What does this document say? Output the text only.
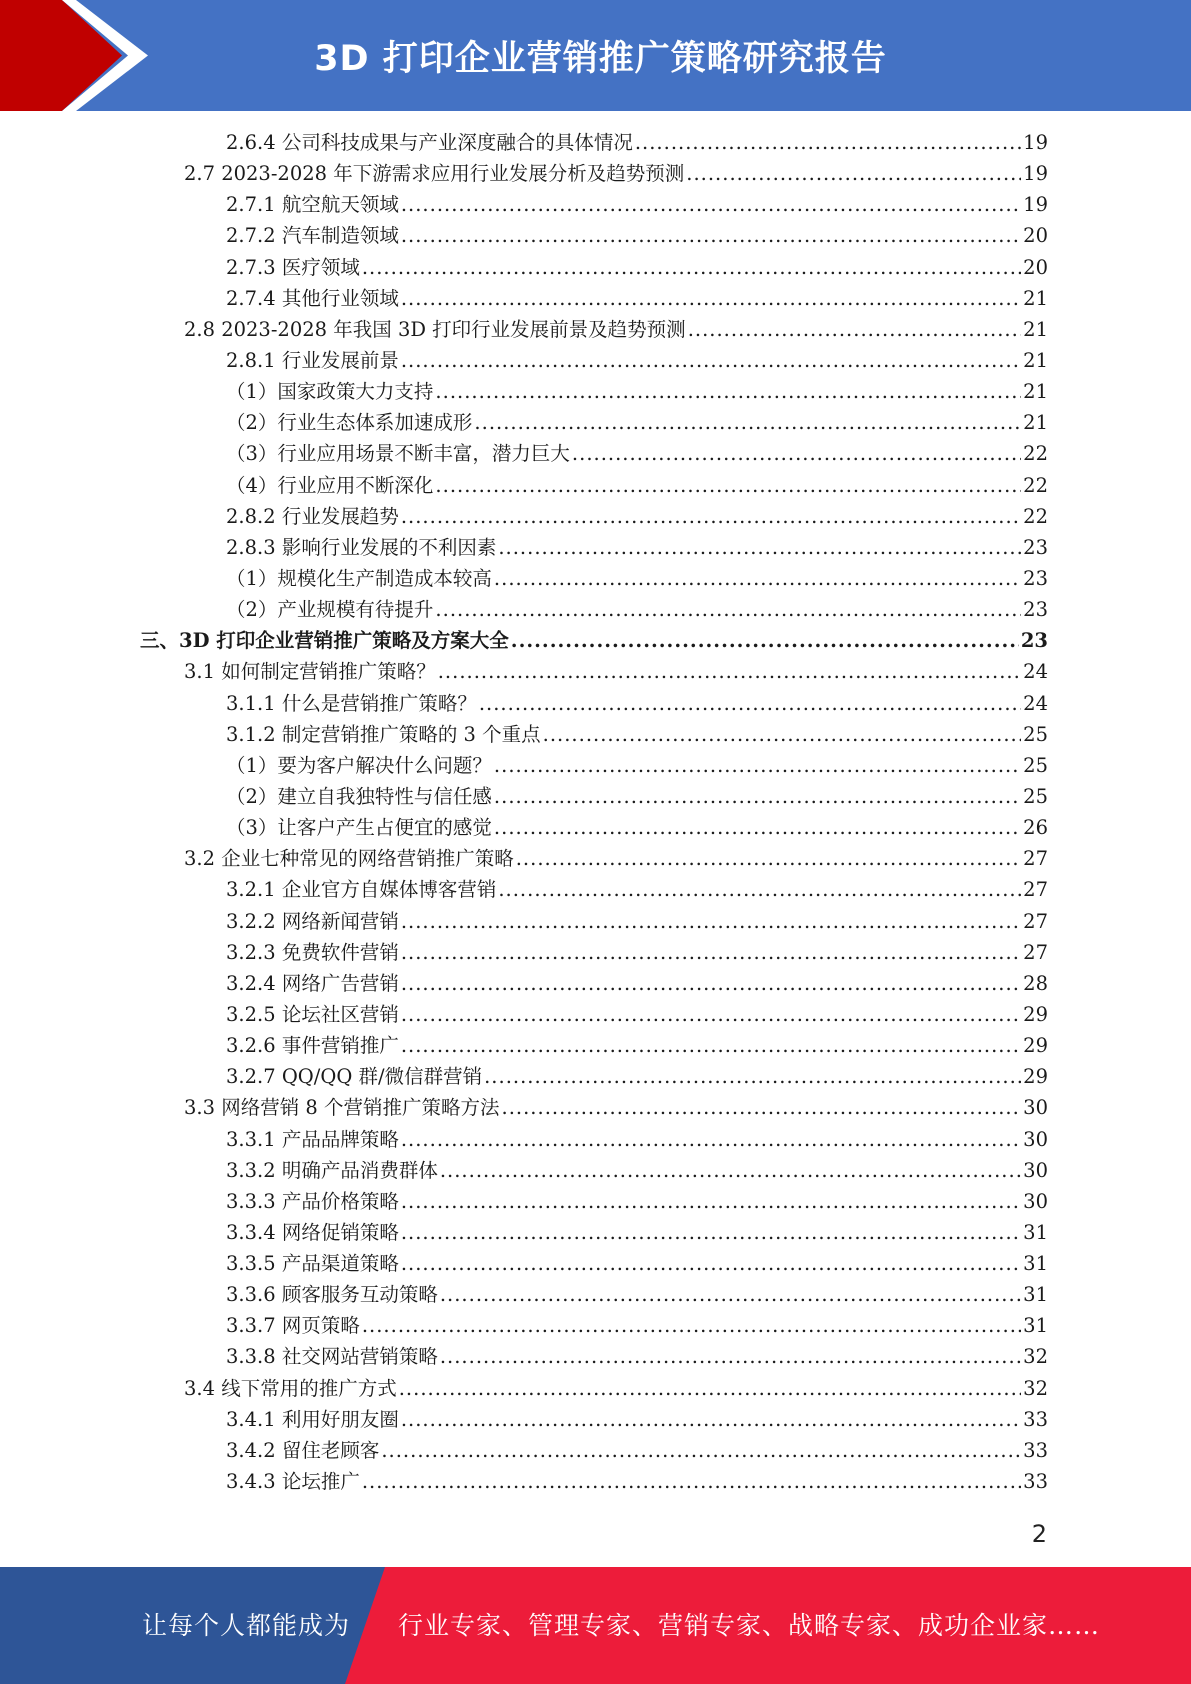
3D 打印企业营销推广策略研究报告
2.6.4 公司科技成果与产业深度融合的具体情况 .....	19
2.7 2023-2028 年下游需求应用行业发展分析及趋势预测 .....	19
2.7.1 航空航天领域 .....	19
2.7.2 汽车制造领域 .....	20
2.7.3 医疗领域 .....	20
2.7.4 其他行业领域 .....	21
2.8 2023-2028 年我国 3D 打印行业发展前景及趋势预测 .....	21
2.8.1 行业发展前景 .....	21
（1）国家政策大力支持 .....	21
（2）行业生态体系加速成形 .....	21
（3）行业应用场景不断丰富，潜力巨大 .....	22
（4）行业应用不断深化 .....	22
2.8.2 行业发展趋势 .....	22
2.8.3 影响行业发展的不利因素 .....	23
（1）规模化生产制造成本较高 .....	23
（2）产业规模有待提升 .....	23
三、3D 打印企业营销推广策略及方案大全 .....	23
3.1 如何制定营销推广策略？ .....	24
3.1.1 什么是营销推广策略？ .....	24
3.1.2 制定营销推广策略的 3 个重点 .....	25
（1）要为客户解决什么问题？ .....	25
（2）建立自我独特性与信任感 .....	25
（3）让客户产生占便宜的感觉 .....	26
3.2 企业七种常见的网络营销推广策略 .....	27
3.2.1 企业官方自媒体博客营销 .....	27
3.2.2 网络新闻营销 .....	27
3.2.3 免费软件营销 .....	27
3.2.4 网络广告营销 .....	28
3.2.5 论坛社区营销 .....	29
3.2.6 事件营销推广 .....	29
3.2.7 QQ/QQ 群/微信群营销 .....	29
3.3 网络营销 8 个营销推广策略方法 .....	30
3.3.1 产品品牌策略 .....	30
3.3.2 明确产品消费群体 .....	30
3.3.3 产品价格策略 .....	30
3.3.4 网络促销策略 .....	31
3.3.5 产品渠道策略 .....	31
3.3.6 顾客服务互动策略 .....	31
3.3.7 网页策略 .....	31
3.3.8 社交网站营销策略 .....	32
3.4 线下常用的推广方式 .....	32
3.4.1 利用好朋友圈 .....	33
3.4.2 留住老顾客 .....	33
3.4.3 论坛推广 .....	33
2
让每个人都能成为 行业专家、管理专家、营销专家、战略专家、成功企业家……
